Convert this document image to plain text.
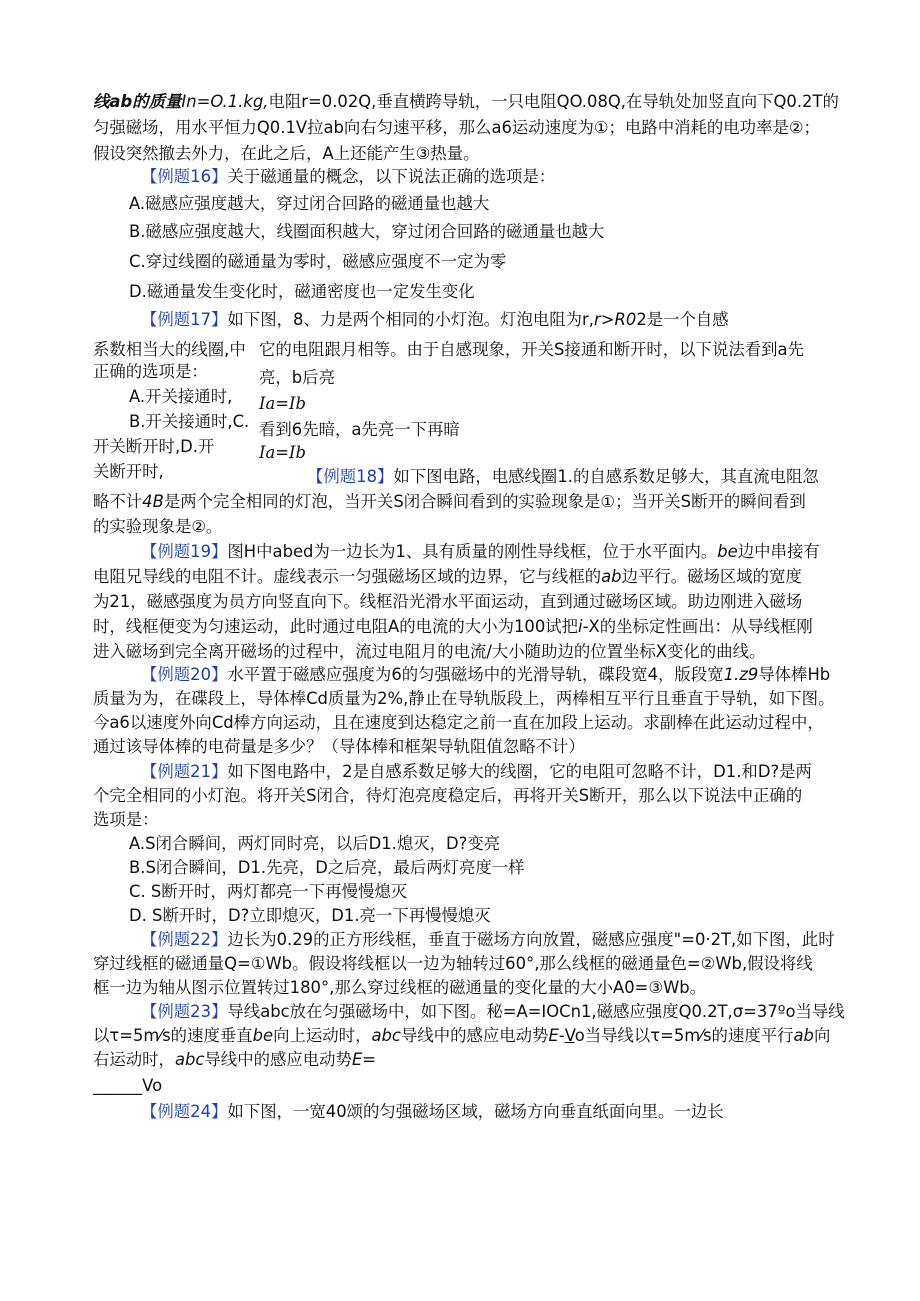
线ab的质量In=O.1.kg,电阻r=0.02Q,垂直横跨导轨，一只电阻QO.08Q,在导轨处加竖直向下Q0.2T的
匀强磁场，用水平恒力Q0.1V拉ab向右匀速平移，那么a6运动速度为①；电路中消耗的电功率是②；
假设突然撤去外力，在此之后，A上还能产生③热量。
【例题16】关于磁通量的概念，以下说法正确的选项是：
A.磁感应强度越大，穿过闭合回路的磁通量也越大
B.磁感应强度越大，线圈面积越大，穿过闭合回路的磁通量也越大
C.穿过线圈的磁通量为零时，磁感应强度不一定为零
D.磁通量发生变化时，磁通密度也一定发生变化
【例题17】如下图，8、力是两个相同的小灯泡。灯泡电阻为r,r>R02是一个自感
系数相当大的线圈,中
正确的选项是：
A.开关接通时,
B.开关接通时,C.
开关断开时,D.开
关断开时,
它的电阻跟月相等。由于自感现象，开关S接通和断开时，以下说法看到a先
亮，b后亮
Ia=Ib
看到6先暗，a先亮一下再暗
Ia=Ib
【例题18】如下图电路，电感线圈1.的自感系数足够大，其直流电阻忽
略不计4B是两个完全相同的灯泡，当开关S闭合瞬间看到的实验现象是①；当开关S断开的瞬间看到
的实验现象是②。
【例题19】图H中abed为一边长为1、具有质量的刚性导线框，位于水平面内。be边中串接有
电阻兄导线的电阻不计。虚线表示一匀强磁场区域的边界，它与线框的ab边平行。磁场区域的宽度
为21，磁感强度为员方向竖直向下。线框沿光滑水平面运动，直到通过磁场区域。助边刚进入磁场
时，线框便变为匀速运动，此时通过电阻A的电流的大小为100试把i-X的坐标定性画出：从导线框刚
进入磁场到完全离开磁场的过程中，流过电阻月的电流/大小随助边的位置坐标X变化的曲线。
【例题20】水平置于磁感应强度为6的匀强磁场中的光滑导轨，碟段宽4，版段宽1.z9导体棒Hb
质量为为，在碟段上，导体棒Cd质量为2%,静止在导轨版段上，两棒相互平行且垂直于导轨，如下图。
今a6以速度外向Cd棒方向运动，且在速度到达稳定之前一直在加段上运动。求副棒在此运动过程中，
通过该导体棒的电荷量是多少？（导体棒和框架导轨阻值忽略不计）
【例题21】如下图电路中，2是自感系数足够大的线圈，它的电阻可忽略不计，D1.和D?是两
个完全相同的小灯泡。将开关S闭合，待灯泡亮度稳定后，再将开关S断开，那么以下说法中正确的
选项是：
A.S闭合瞬间，两灯同时亮，以后D1.熄灭，D?变亮
B.S闭合瞬间，D1.先亮，D之后亮，最后两灯亮度一样
C. S断开时，两灯都亮一下再慢慢熄灭
D. S断开时，D?立即熄灭，D1.亮一下再慢慢熄灭
【例题22】边长为0.29的正方形线框，垂直于磁场方向放置，磁感应强度"=0·2T,如下图，此时
穿过线框的磁通量Q=①Wb。假设将线框以一边为轴转过60°,那么线框的磁通量色=②Wb,假设将线
框一边为轴从图示位置转过180°,那么穿过线框的磁通量的变化量的大小A0=③Wb。
【例题23】导线abc放在匀强磁场中，如下图。秘=A=IOCn1,磁感应强度Q0.2T,σ=37ºo当导线
以τ=5m⁄s的速度垂直be向上运动时，abc导线中的感应电动势E-Vo当导线以τ=5m⁄s的速度平行ab向
右运动时，abc导线中的感应电动势E=
______Vo
【例题24】如下图，一宽40颂的匀强磁场区域，磁场方向垂直纸面向里。一边长
